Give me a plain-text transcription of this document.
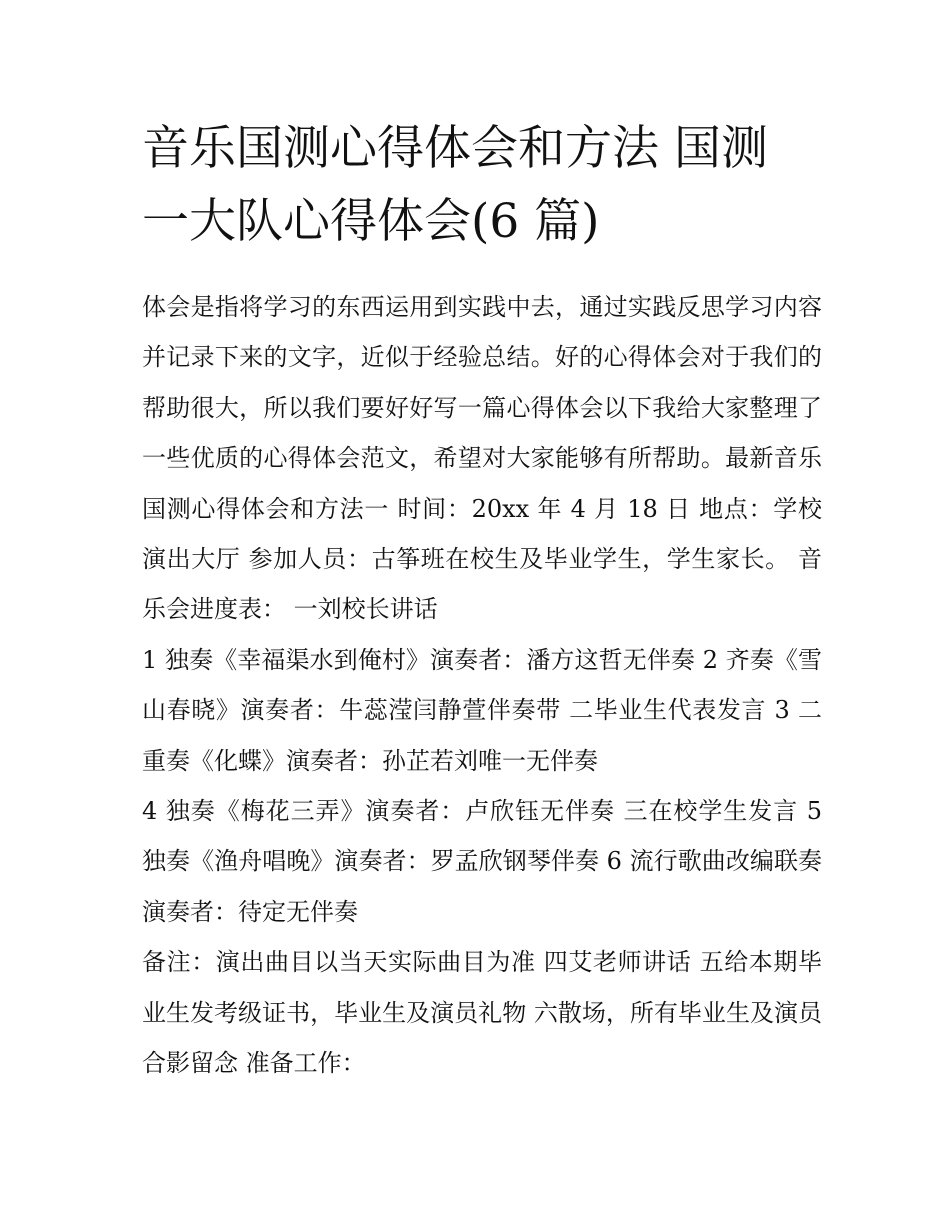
音乐国测心得体会和方法 国测
一大队心得体会(6 篇)

体会是指将学习的东西运用到实践中去，通过实践反思学习内容并记录下来的文字，近似于经验总结。好的心得体会对于我们的帮助很大，所以我们要好好写一篇心得体会以下我给大家整理了一些优质的心得体会范文，希望对大家能够有所帮助。最新音乐国测心得体会和方法一 时间：20xx 年 4 月 18 日 地点：学校演出大厅 参加人员：古筝班在校生及毕业学生，学生家长。 音乐会进度表： 一刘校长讲话

1 独奏《幸福渠水到俺村》演奏者：潘方这哲无伴奏 2 齐奏《雪山春晓》演奏者：牛蕊滢闫静萱伴奏带 二毕业生代表发言 3 二重奏《化蝶》演奏者：孙芷若刘唯一无伴奏

4 独奏《梅花三弄》演奏者：卢欣钰无伴奏 三在校学生发言 5 独奏《渔舟唱晚》演奏者：罗孟欣钢琴伴奏 6 流行歌曲改编联奏演奏者：待定无伴奏

备注：演出曲目以当天实际曲目为准 四艾老师讲话 五给本期毕业生发考级证书，毕业生及演员礼物 六散场，所有毕业生及演员合影留念 准备工作：
